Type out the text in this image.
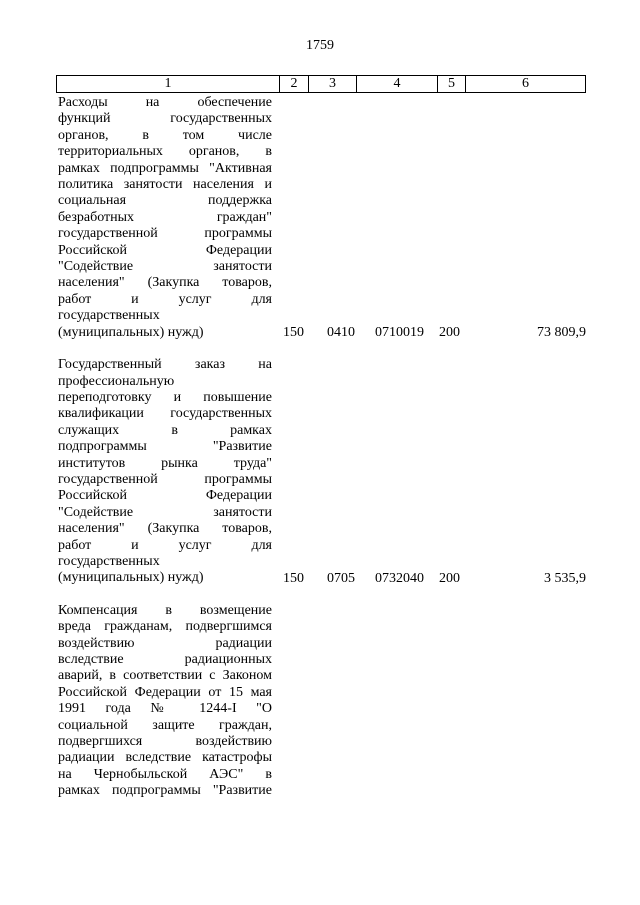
1759
1	2	3	4	5	6
Расходы на обеспечение
функций государственных
органов, в том числе
территориальных органов, в
рамках подпрограммы "Активная
политика занятости населения и
социальная поддержка
безработных граждан"
государственной программы
Российской Федерации
"Содействие занятости
населения" (Закупка товаров,
работ и услуг для
государственных
(муниципальных) нужд)	150 0410 0710019 200	73 809,9
Государственный заказ на
профессиональную
переподготовку и повышение
квалификации государственных
служащих в рамках
подпрограммы "Развитие
институтов рынка труда"
государственной программы
Российской Федерации
"Содействие занятости
населения" (Закупка товаров,
работ и услуг для
государственных
(муниципальных) нужд)	150 0705 0732040 200	3 535,9
Компенсация в возмещение
вреда гражданам, подвергшимся
воздействию радиации
вследствие радиационных
аварий, в соответствии с Законом
Российской Федерации от 15 мая
1991 года № 1244-I "О
социальной защите граждан,
подвергшихся воздействию
радиации вследствие катастрофы
на Чернобыльской АЭС" в
рамках подпрограммы "Развитие
